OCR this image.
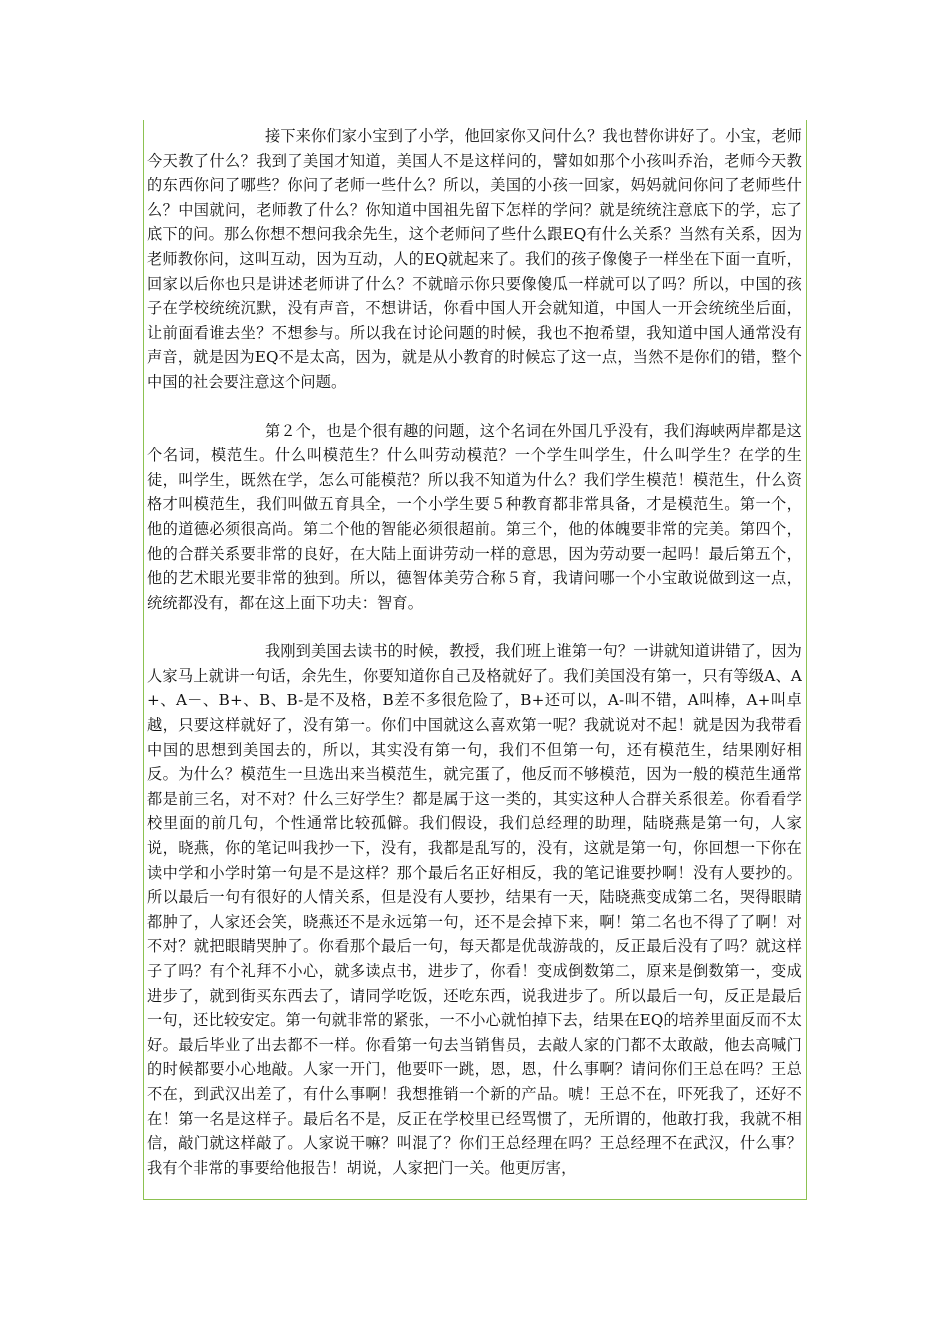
接下来你们家小宝到了小学，他回家你又问什么？我也替你讲好了。小宝，老师今天教了什么？我到了美国才知道，美国人不是这样问的，譬如如那个小孩叫乔治，老师今天教的东西你问了哪些？你问了老师一些什么？所以，美国的小孩一回家，妈妈就问你问了老师些什么？中国就问，老师教了什么？你知道中国祖先留下怎样的学问？就是统统注意底下的学，忘了底下的问。那么你想不想问我余先生，这个老师问了些什么跟EQ有什么关系？当然有关系，因为老师教你问，这叫互动，因为互动，人的EQ就起来了。我们的孩子像傻子一样坐在下面一直听，回家以后你也只是讲述老师讲了什么？不就暗示你只要像傻瓜一样就可以了吗？所以，中国的孩子在学校统统沉默，没有声音，不想讲话，你看中国人开会就知道，中国人一开会统统坐后面，让前面看谁去坐？不想参与。所以我在讨论问题的时候，我也不抱希望，我知道中国人通常没有声音，就是因为EQ不是太高，因为，就是从小教育的时候忘了这一点，当然不是你们的错，整个中国的社会要注意这个问题。

第２个，也是个很有趣的问题，这个名词在外国几乎没有，我们海峡两岸都是这个名词，模范生。什么叫模范生？什么叫劳动模范？一个学生叫学生，什么叫学生？在学的生徒，叫学生，既然在学，怎么可能模范？所以我不知道为什么？我们学生模范！模范生，什么资格才叫模范生，我们叫做五育具全，一个小学生要５种教育都非常具备，才是模范生。第一个，他的道德必须很高尚。第二个他的智能必须很超前。第三个，他的体魄要非常的完美。第四个，他的合群关系要非常的良好，在大陆上面讲劳动一样的意思，因为劳动要一起吗！最后第五个，他的艺术眼光要非常的独到。所以，德智体美劳合称５育，我请问哪一个小宝敢说做到这一点，统统都没有，都在这上面下功夫：智育。

我刚到美国去读书的时候，教授，我们班上谁第一句？一讲就知道讲错了，因为人家马上就讲一句话，余先生，你要知道你自己及格就好了。我们美国没有第一，只有等级A、A+、A－、B+、B、B-是不及格，B差不多很危险了，B+还可以，A-叫不错，A叫棒，A+叫卓越，只要这样就好了，没有第一。你们中国就这么喜欢第一呢？我就说对不起！就是因为我带看中国的思想到美国去的，所以，其实没有第一句，我们不但第一句，还有模范生，结果刚好相反。为什么？模范生一旦选出来当模范生，就完蛋了，他反而不够模范，因为一般的模范生通常都是前三名，对不对？什么三好学生？都是属于这一类的，其实这种人合群关系很差。你看看学校里面的前几句，个性通常比较孤僻。我们假设，我们总经理的助理，陆晓燕是第一句，人家说，晓燕，你的笔记叫我抄一下，没有，我都是乱写的，没有，这就是第一句，你回想一下你在读中学和小学时第一句是不是这样？那个最后名正好相反，我的笔记谁要抄啊！没有人要抄的。所以最后一句有很好的人情关系，但是没有人要抄，结果有一天，陆晓燕变成第二名，哭得眼睛都肿了，人家还会笑，晓燕还不是永远第一句，还不是会掉下来，啊！第二名也不得了了啊！对不对？就把眼睛哭肿了。你看那个最后一句，每天都是优哉游哉的，反正最后没有了吗？就这样子了吗？有个礼拜不小心，就多读点书，进步了，你看！变成倒数第二，原来是倒数第一，变成进步了，就到街买东西去了，请同学吃饭，还吃东西，说我进步了。所以最后一句，反正是最后一句，还比较安定。第一句就非常的紧张，一不小心就怕掉下去，结果在EQ的培养里面反而不太好。最后毕业了出去都不一样。你看第一句去当销售员，去敲人家的门都不太敢敲，他去高喊门的时候都要小心地敲。人家一开门，他要吓一跳，恩，恩，什么事啊？请问你们王总在吗？王总不在，到武汉出差了，有什么事啊！我想推销一个新的产品。唬！王总不在，吓死我了，还好不在！第一名是这样子。最后名不是，反正在学校里已经骂惯了，无所谓的，他敢打我，我就不相信，敲门就这样敲了。人家说干嘛？叫混了？你们王总经理在吗？王总经理不在武汉，什么事？我有个非常的事要给他报告！胡说，人家把门一关。他更厉害，
